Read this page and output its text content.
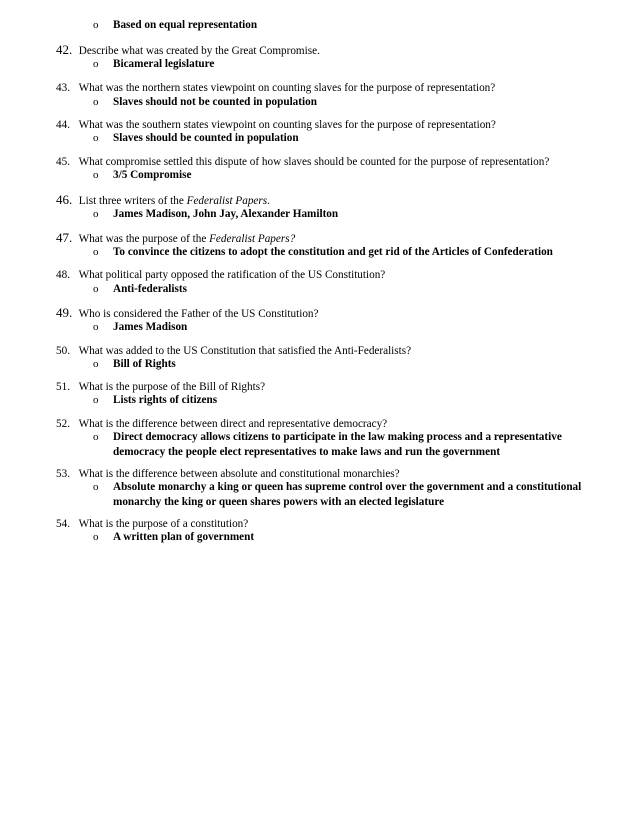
o Based on equal representation
42. Describe what was created by the Great Compromise.
o Bicameral legislature
43. What was the northern states viewpoint on counting slaves for the purpose of representation?
o Slaves should not be counted in population
44. What was the southern states viewpoint on counting slaves for the purpose of representation?
o Slaves should be counted in population
45. What compromise settled this dispute of how slaves should be counted for the purpose of representation?
o 3/5 Compromise
46. List three writers of the Federalist Papers.
o James Madison, John Jay, Alexander Hamilton
47. What was the purpose of the Federalist Papers?
o To convince the citizens to adopt the constitution and get rid of the Articles of Confederation
48. What political party opposed the ratification of the US Constitution?
o Anti-federalists
49. Who is considered the Father of the US Constitution?
o James Madison
50. What was added to the US Constitution that satisfied the Anti-Federalists?
o Bill of Rights
51. What is the purpose of the Bill of Rights?
o Lists rights of citizens
52. What is the difference between direct and representative democracy?
o Direct democracy allows citizens to participate in the law making process and a representative democracy the people elect representatives to make laws and run the government
53. What is the difference between absolute and constitutional monarchies?
o Absolute monarchy a king or queen has supreme control over the government and a constitutional monarchy the king or queen shares powers with an elected legislature
54. What is the purpose of a constitution?
o A written plan of government
